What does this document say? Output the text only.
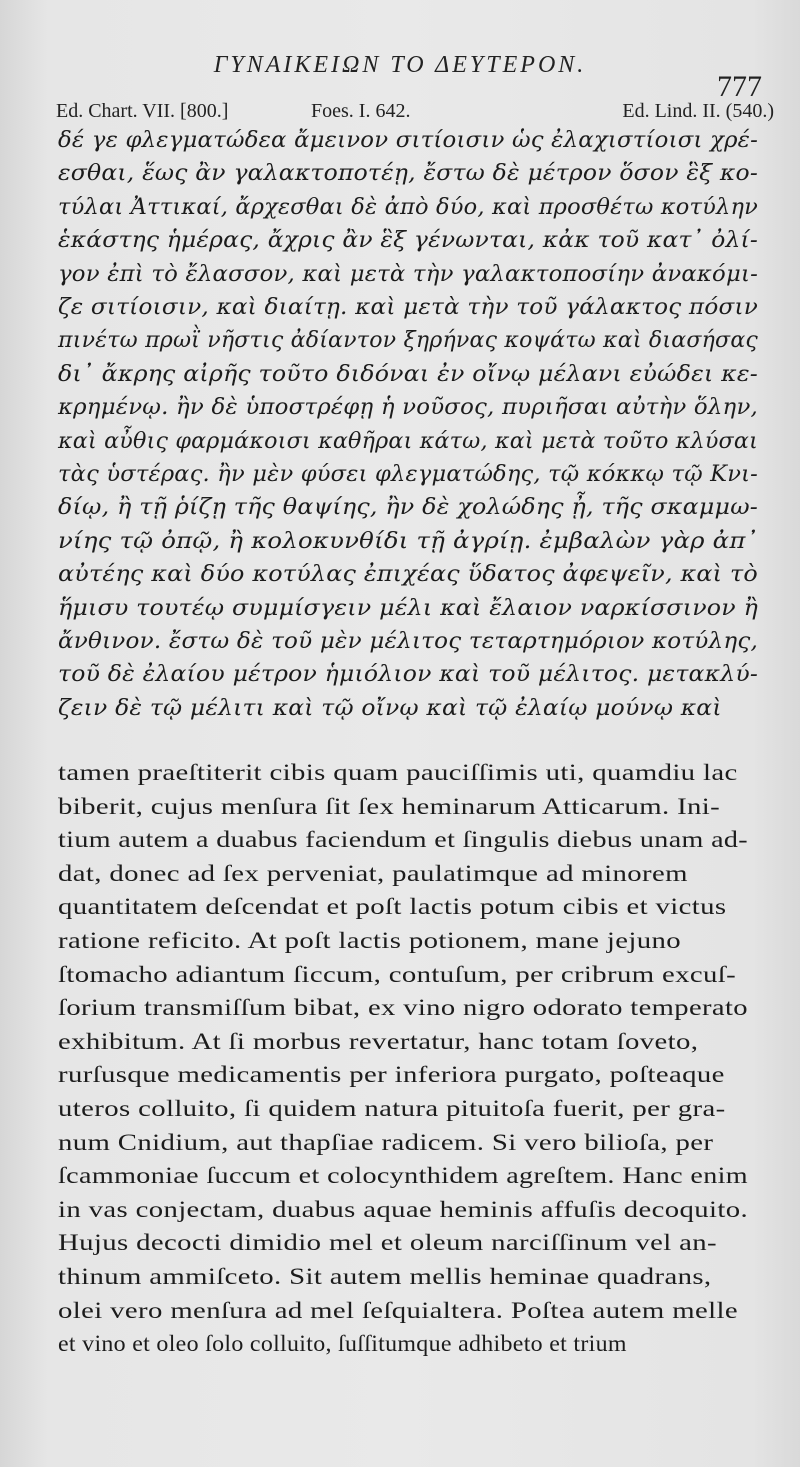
ΓΥΝΑΙΚΕΙΩΝ ΤΟ ΔΕΥΤΕΡΟΝ.
777
Ed. Chart. VII. [800.]	Foes. I. 642.	Ed. Lind. II. (540.)
δέ γε φλεγματώδεα ἄμεινον σιτίοισιν ὡς ἐλαχιστίοισι χρέ-
εσθαι, ἕως ἂν γαλακτοποτέῃ, ἔστω δὲ μέτρον ὅσον ἓξ κο-
τύλαι Ἀττικαί, ἄρχεσθαι δὲ ἀπὸ δύο, καὶ προσθέτω κοτύλην
ἑκάστης ἡμέρας, ἄχρις ἂν ἓξ γένωνται, κἀκ τοῦ κατ᾽ ὀλί-
γον ἐπὶ τὸ ἔλασσον, καὶ μετὰ τὴν γαλακτοποσίην ἀνακόμι-
ζε σιτίοισιν, καὶ διαίτῃ. καὶ μετὰ τὴν τοῦ γάλακτος πόσιν
πινέτω πρωῒ νῆστις ἀδίαντον ξηρήνας κοψάτω καὶ διασήσας
δι᾽ ἄκρης αἰρῆς τοῦτο διδόναι ἐν οἴνῳ μέλανι εὐώδει κε-
κρημένῳ. ἢν δὲ ὑποστρέφῃ ἡ νοῦσος, πυριῆσαι αὐτὴν ὅλην,
καὶ αὖθις φαρμάκοισι καθῆραι κάτω, καὶ μετὰ τοῦτο κλύσαι
τὰς ὑστέρας. ἢν μὲν φύσει φλεγματώδης, τῷ κόκκῳ τῷ Κνι-
δίῳ, ἢ τῇ ῥίζῃ τῆς θαψίης, ἢν δὲ χολώδης ᾖ, τῆς σκαμμω-
νίης τῷ ὀπῷ, ἢ κολοκυνθίδι τῇ ἀγρίῃ. ἐμβαλὼν γὰρ ἀπ᾽
αὐτέης καὶ δύο κοτύλας ἐπιχέας ὕδατος ἀφεψεῖν, καὶ τὸ
ἥμισυ τουτέῳ συμμίσγειν μέλι καὶ ἔλαιον ναρκίσσινον ἢ
ἄνθινον. ἔστω δὲ τοῦ μὲν μέλιτος τεταρτημόριον κοτύλης,
τοῦ δὲ ἐλαίου μέτρον ἡμιόλιον καὶ τοῦ μέλιτος. μετακλύ-
ζειν δὲ τῷ μέλιτι καὶ τῷ οἴνῳ καὶ τῷ ἐλαίῳ μούνῳ καὶ
tamen praeſtiterit cibis quam pauciſſimis uti, quamdiu lac
biberit, cujus menſura ſit ſex heminarum Atticarum. Ini-
tium autem a duabus faciendum et ſingulis diebus unam ad-
dat, donec ad ſex perveniat, paulatimque ad minorem
quantitatem deſcendat et poſt lactis potum cibis et victus
ratione reficito. At poſt lactis potionem, mane jejuno
ſtomacho adiantum ſiccum, contuſum, per cribrum excuſ-
ſorium transmiſſum bibat, ex vino nigro odorato temperato
exhibitum. At ſi morbus revertatur, hanc totam ſoveto,
rurſusque medicamentis per inferiora purgato, poſteaque
uteros colluito, ſi quidem natura pituitoſa fuerit, per gra-
num Cnidium, aut thapſiae radicem. Si vero bilioſa, per
ſcammoniae ſuccum et colocynthidem agreſtem. Hanc enim
in vas conjectam, duabus aquae heminis affuſis decoquito.
Hujus decocti dimidio mel et oleum narciſſinum vel an-
thinum ammiſceto. Sit autem mellis heminae quadrans,
olei vero menſura ad mel ſeſquialtera. Poſtea autem melle
et vino et oleo ſolo colluito, ſuſſitumque adhibeto et trium
